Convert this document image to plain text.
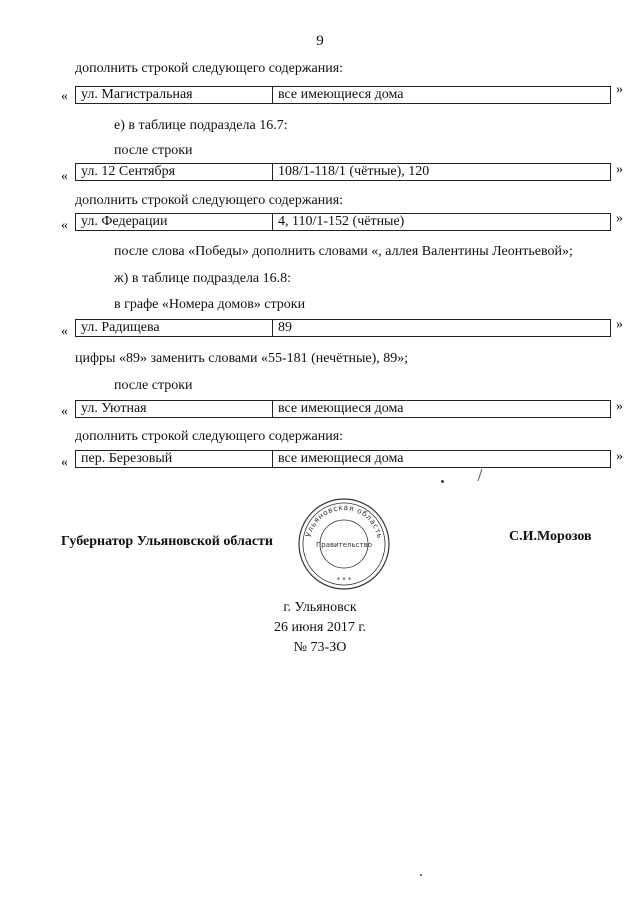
9
дополнить строкой следующего содержания:
« ул. Магистральная	все имеющиеся дома	»
е) в таблице подраздела 16.7:
после строки
« ул. 12 Сентября	108/1-118/1 (чётные), 120	»
дополнить строкой следующего содержания:
« ул. Федерации	4, 110/1-152 (чётные)	»
после слова «Победы» дополнить словами «, аллея Валентины Леонтьевой»;
ж) в таблице подраздела 16.8:
в графе «Номера домов» строки
« ул. Радищева	89	»
цифры «89» заменить словами «55-181 (нечётные), 89»;
после строки
« ул. Уютная	все имеющиеся дома	»
дополнить строкой следующего содержания:
« пер. Березовый	все имеющиеся дома	»
Губернатор Ульяновской области	С.И.Морозов
Ульяновская область
Правительство
* * *
г. Ульяновск
26 июня 2017 г.
№ 73-ЗО
